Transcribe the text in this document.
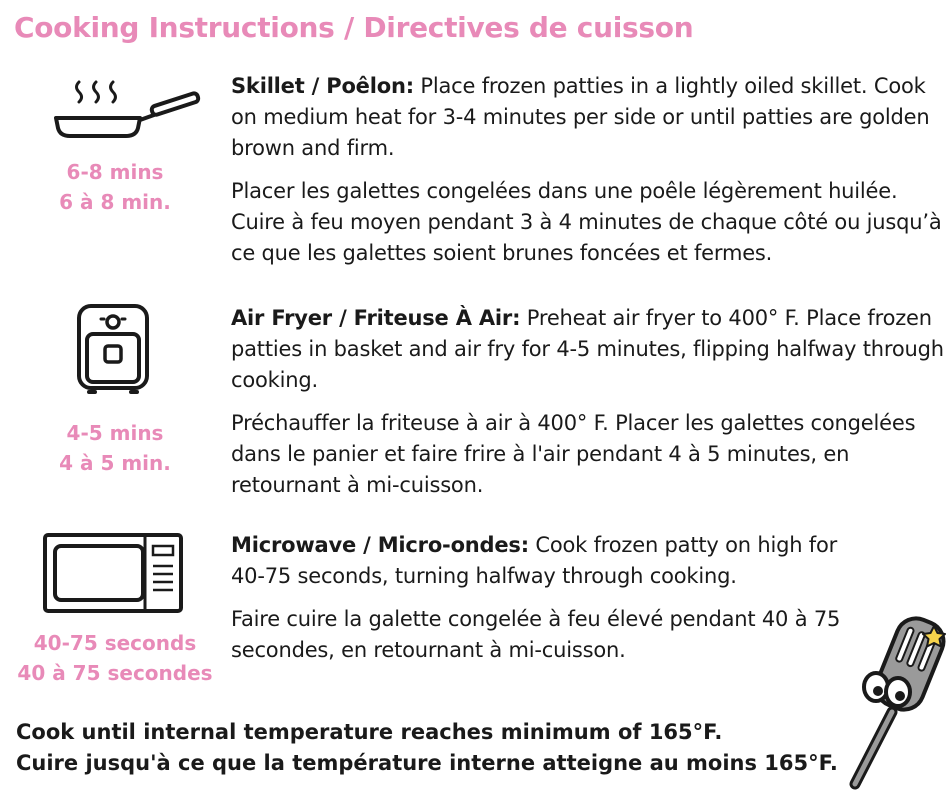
Cooking Instructions / Directives de cuisson
6-8 mins
6 à 8 min.

Skillet / Poêlon: Place frozen patties in a lightly oiled skillet. Cook on medium heat for 3-4 minutes per side or until patties are golden brown and firm.

Placer les galettes congelées dans une poêle légèrement huilée. Cuire à feu moyen pendant 3 à 4 minutes de chaque côté ou jusqu’à ce que les galettes soient brunes foncées et fermes.

4-5 mins
4 à 5 min.

Air Fryer / Friteuse À Air: Preheat air fryer to 400° F. Place frozen patties in basket and air fry for 4-5 minutes, flipping halfway through cooking.

Préchauffer la friteuse à air à 400° F. Placer les galettes congelées dans le panier et faire frire à l'air pendant 4 à 5 minutes, en retournant à mi-cuisson.

40-75 seconds
40 à 75 secondes

Microwave / Micro-ondes: Cook frozen patty on high for 40-75 seconds, turning halfway through cooking.

Faire cuire la galette congelée à feu élevé pendant 40 à 75 secondes, en retournant à mi-cuisson.

Cook until internal temperature reaches minimum of 165°F.
Cuire jusqu'à ce que la température interne atteigne au moins 165°F.
